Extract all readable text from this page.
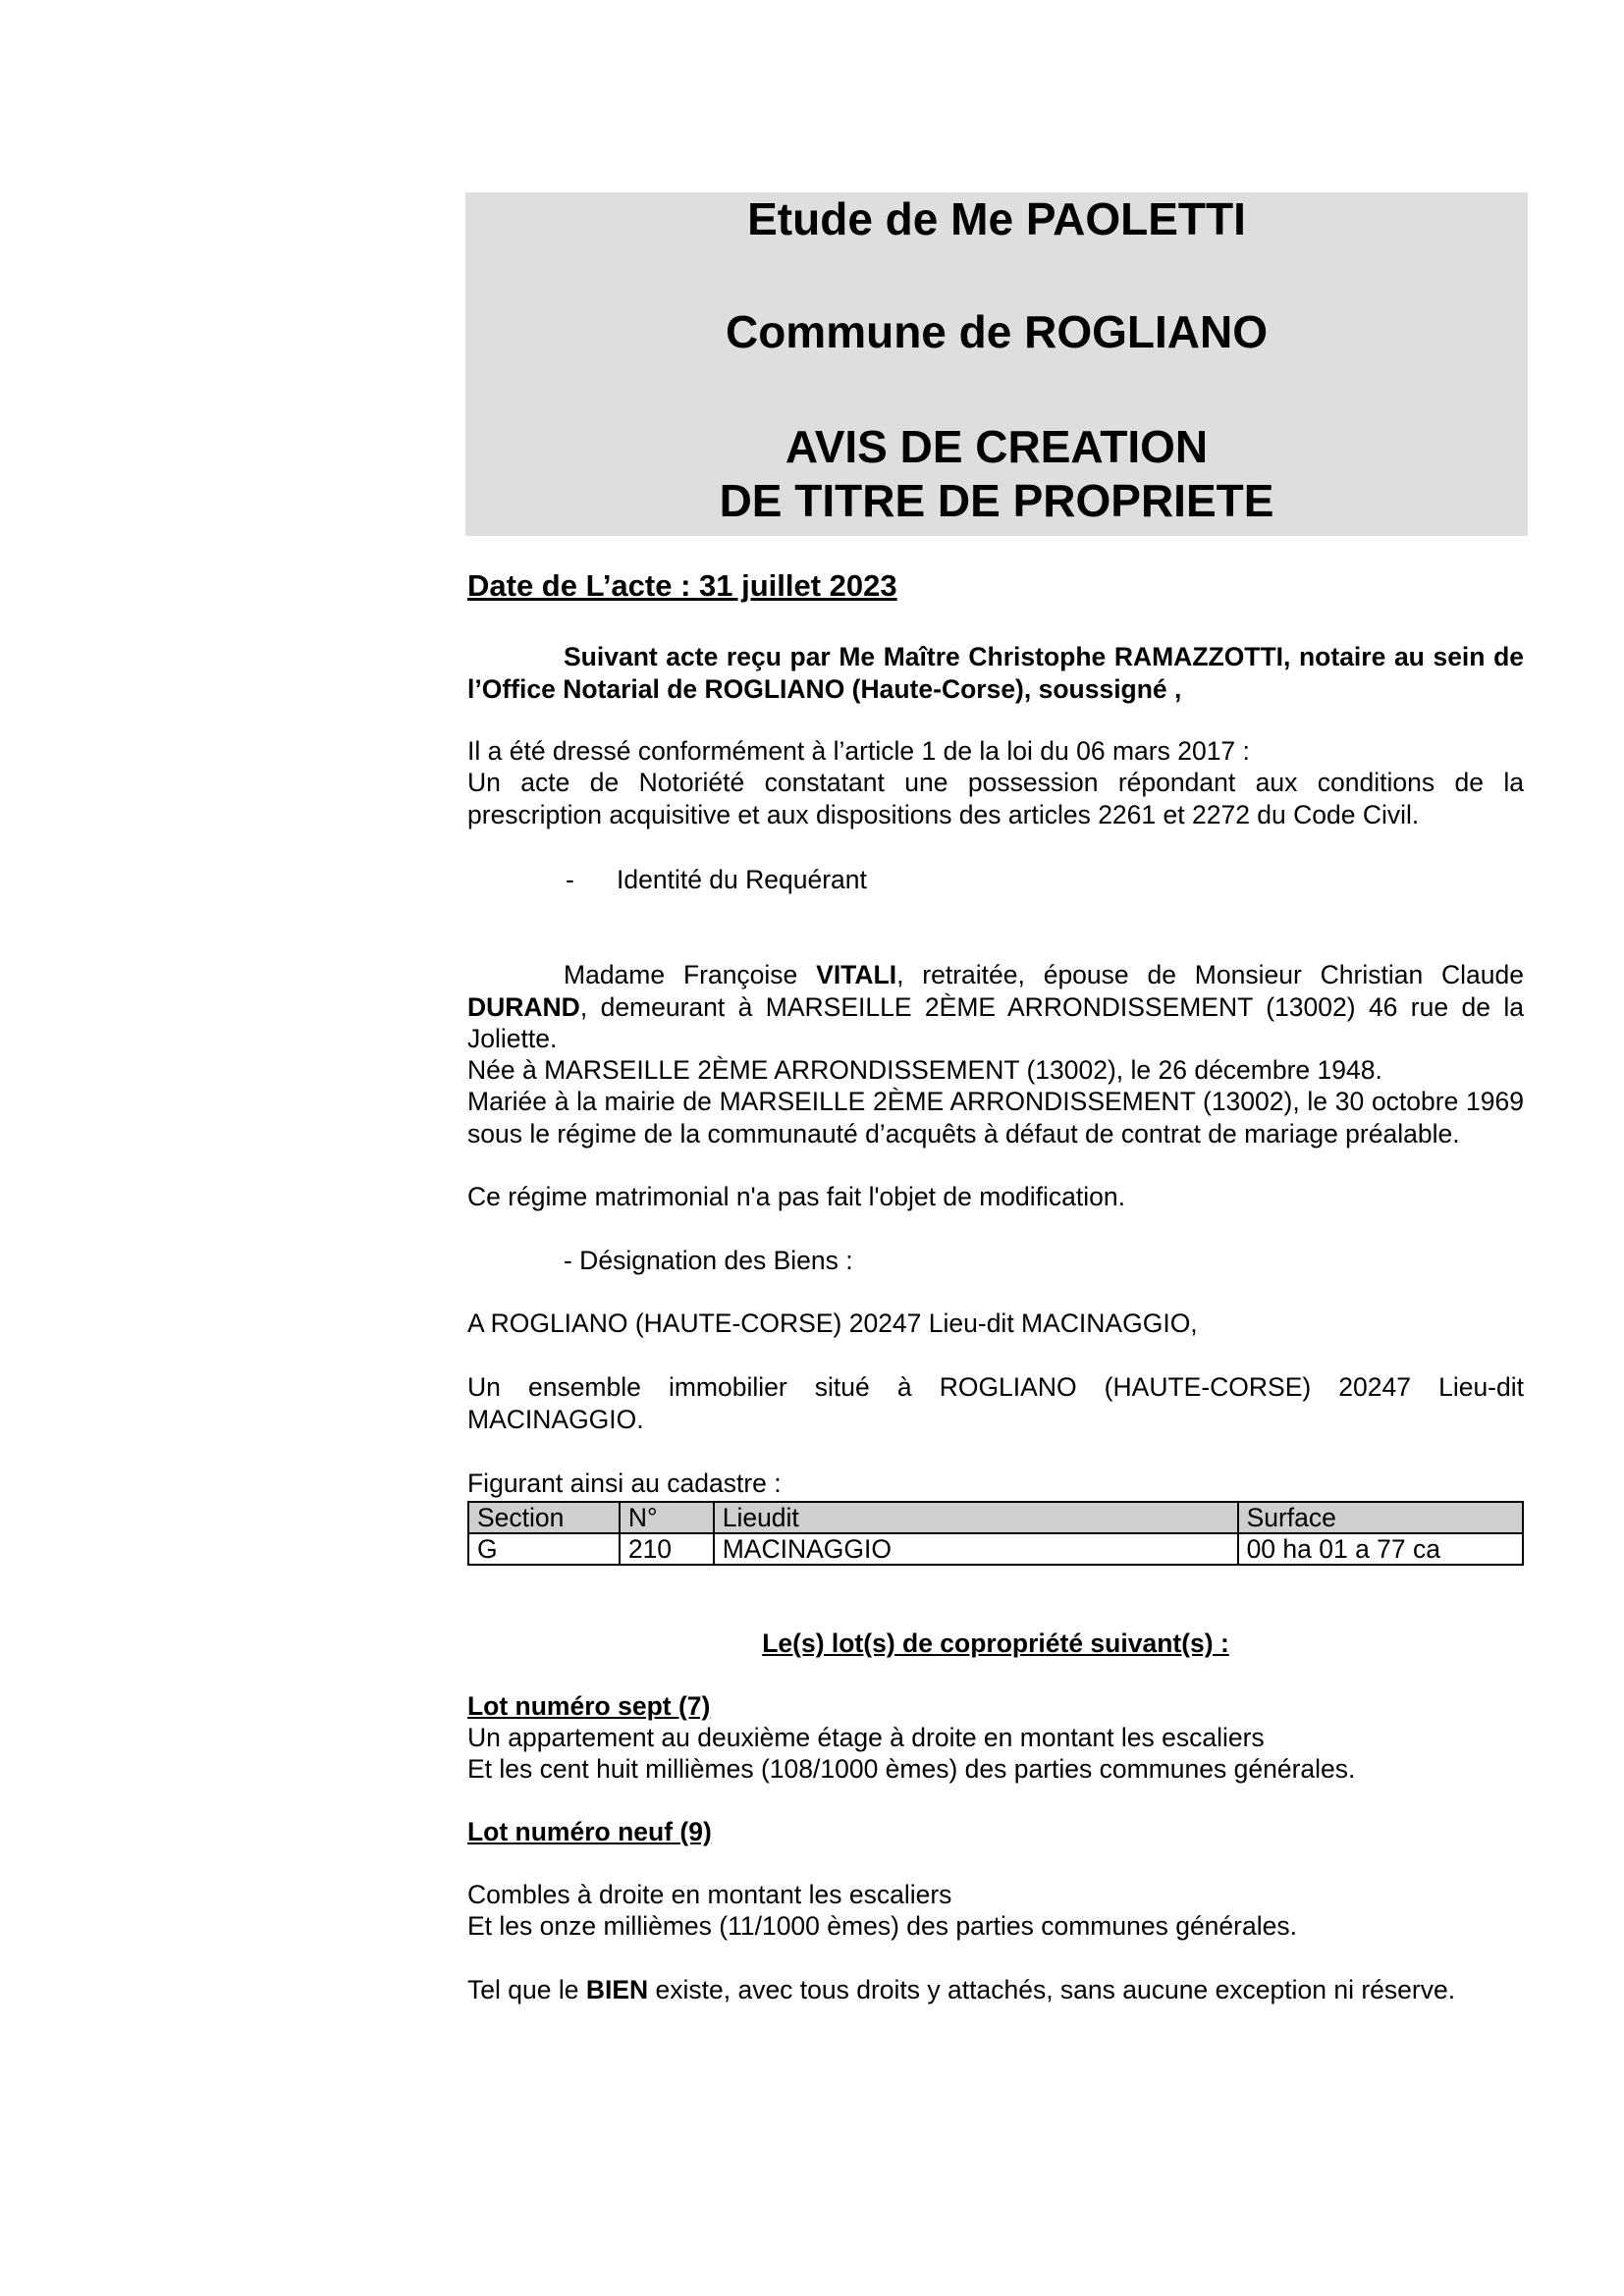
Etude de Me PAOLETTI
Commune de ROGLIANO
AVIS DE CREATION
DE TITRE DE PROPRIETE
Date de L’acte : 31 juillet 2023
Suivant acte reçu par Me Maître Christophe RAMAZZOTTI, notaire au sein de l’Office Notarial de ROGLIANO (Haute-Corse), soussigné ,
Il a été dressé conformément à l’article 1 de la loi du 06 mars 2017 :
Un acte de Notoriété constatant une possession répondant aux conditions de la prescription acquisitive et aux dispositions des articles 2261 et 2272 du Code Civil.
- Identité du Requérant
Madame Françoise VITALI, retraitée, épouse de Monsieur Christian Claude DURAND, demeurant à MARSEILLE 2ÈME ARRONDISSEMENT (13002) 46 rue de la Joliette.
Née à MARSEILLE 2ÈME ARRONDISSEMENT (13002), le 26 décembre 1948.
Mariée à la mairie de MARSEILLE 2ÈME ARRONDISSEMENT (13002), le 30 octobre 1969 sous le régime de la communauté d’acquêts à défaut de contrat de mariage préalable.
Ce régime matrimonial n'a pas fait l'objet de modification.
- Désignation des Biens :
A ROGLIANO (HAUTE-CORSE) 20247 Lieu-dit MACINAGGIO,
Un ensemble immobilier situé à ROGLIANO (HAUTE-CORSE) 20247 Lieu-dit MACINAGGIO.
Figurant ainsi au cadastre :
Section	N°	Lieudit	Surface
G	210	MACINAGGIO	00 ha 01 a 77 ca
Le(s) lot(s) de copropriété suivant(s) :
Lot numéro sept (7)
Un appartement au deuxième étage à droite en montant les escaliers
Et les cent huit millièmes (108/1000 èmes) des parties communes générales.
Lot numéro neuf (9)
Combles à droite en montant les escaliers
Et les onze millièmes (11/1000 èmes) des parties communes générales.
Tel que le BIEN existe, avec tous droits y attachés, sans aucune exception ni réserve.
